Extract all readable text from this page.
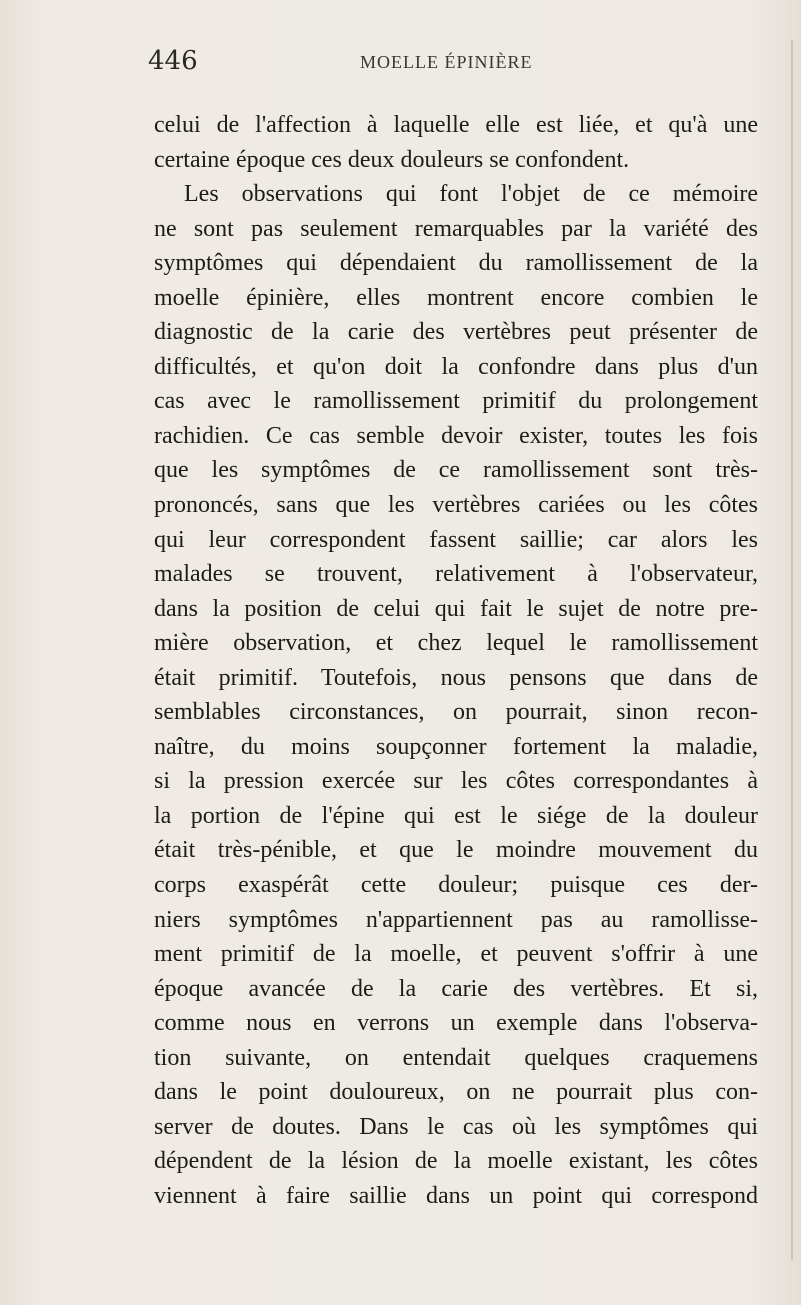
446	MOELLE ÉPINIÈRE
celui de l'affection à laquelle elle est liée, et qu'à une
certaine époque ces deux douleurs se confondent.
Les observations qui font l'objet de ce mémoire
ne sont pas seulement remarquables par la variété des
symptômes qui dépendaient du ramollissement de la
moelle épinière, elles montrent encore combien le
diagnostic de la carie des vertèbres peut présenter de
difficultés, et qu'on doit la confondre dans plus d'un
cas avec le ramollissement primitif du prolongement
rachidien. Ce cas semble devoir exister, toutes les fois
que les symptômes de ce ramollissement sont très-
prononcés, sans que les vertèbres cariées ou les côtes
qui leur correspondent fassent saillie; car alors les
malades se trouvent, relativement à l'observateur,
dans la position de celui qui fait le sujet de notre pre-
mière observation, et chez lequel le ramollissement
était primitif. Toutefois, nous pensons que dans de
semblables circonstances, on pourrait, sinon recon-
naître, du moins soupçonner fortement la maladie,
si la pression exercée sur les côtes correspondantes à
la portion de l'épine qui est le siége de la douleur
était très-pénible, et que le moindre mouvement du
corps exaspérât cette douleur; puisque ces der-
niers symptômes n'appartiennent pas au ramollisse-
ment primitif de la moelle, et peuvent s'offrir à une
époque avancée de la carie des vertèbres. Et si,
comme nous en verrons un exemple dans l'observa-
tion suivante, on entendait quelques craquemens
dans le point douloureux, on ne pourrait plus con-
server de doutes. Dans le cas où les symptômes qui
dépendent de la lésion de la moelle existant, les côtes
viennent à faire saillie dans un point qui correspond
